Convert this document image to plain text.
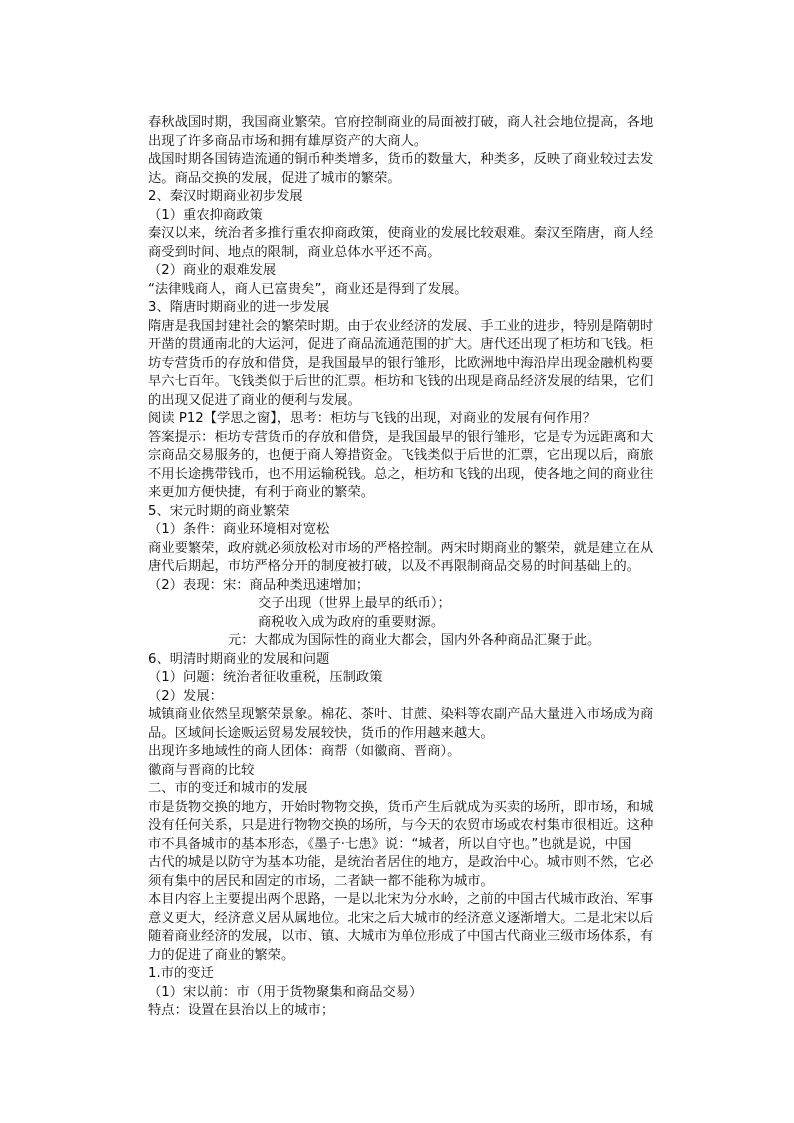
春秋战国时期，我国商业繁荣。官府控制商业的局面被打破，商人社会地位提高，各地
出现了许多商品市场和拥有雄厚资产的大商人。
战国时期各国铸造流通的铜币种类增多，货币的数量大，种类多，反映了商业较过去发
达。商品交换的发展，促进了城市的繁荣。
2、秦汉时期商业初步发展
（1）重农抑商政策
秦汉以来，统治者多推行重农抑商政策，使商业的发展比较艰难。秦汉至隋唐，商人经
商受到时间、地点的限制，商业总体水平还不高。
（2）商业的艰难发展
“法律贱商人，商人已富贵矣”，商业还是得到了发展。
3、隋唐时期商业的进一步发展
隋唐是我国封建社会的繁荣时期。由于农业经济的发展、手工业的进步，特别是隋朝时
开凿的贯通南北的大运河，促进了商品流通范围的扩大。唐代还出现了柜坊和飞钱。柜
坊专营货币的存放和借贷，是我国最早的银行雏形，比欧洲地中海沿岸出现金融机构要
早六七百年。飞钱类似于后世的汇票。柜坊和飞钱的出现是商品经济发展的结果，它们
的出现又促进了商业的便利与发展。
阅读 P12【学思之窗】，思考：柜坊与飞钱的出现，对商业的发展有何作用？
答案提示：柜坊专营货币的存放和借贷，是我国最早的银行雏形，它是专为远距离和大
宗商品交易服务的，也便于商人筹措资金。飞钱类似于后世的汇票，它出现以后，商旅
不用长途携带钱币，也不用运输税钱。总之，柜坊和飞钱的出现，使各地之间的商业往
来更加方便快捷，有利于商业的繁荣。
5、宋元时期的商业繁荣
（1）条件：商业环境相对宽松
商业要繁荣，政府就必须放松对市场的严格控制。两宋时期商业的繁荣，就是建立在从
唐代后期起，市坊严格分开的制度被打破，以及不再限制商品交易的时间基础上的。
（2）表现：宋：商品种类迅速增加；
交子出现（世界上最早的纸币）；
商税收入成为政府的重要财源。
元：大都成为国际性的商业大都会，国内外各种商品汇聚于此。
6、明清时期商业的发展和问题
（1）问题：统治者征收重税，压制政策
（2）发展：
城镇商业依然呈现繁荣景象。棉花、茶叶、甘蔗、染料等农副产品大量进入市场成为商
品。区域间长途贩运贸易发展较快，货币的作用越来越大。
出现许多地域性的商人团体：商帮（如徽商、晋商）。
徽商与晋商的比较
二、市的变迁和城市的发展
市是货物交换的地方，开始时物物交换，货币产生后就成为买卖的场所，即市场，和城
没有任何关系，只是进行物物交换的场所，与今天的农贸市场或农村集市很相近。这种
市不具备城市的基本形态，《墨子·七患》说：“城者，所以自守也。”也就是说，中国
古代的城是以防守为基本功能，是统治者居住的地方，是政治中心。城市则不然，它必
须有集中的居民和固定的市场，二者缺一都不能称为城市。
本目内容上主要提出两个思路，一是以北宋为分水岭，之前的中国古代城市政治、军事
意义更大，经济意义居从属地位。北宋之后大城市的经济意义逐渐增大。二是北宋以后
随着商业经济的发展，以市、镇、大城市为单位形成了中国古代商业三级市场体系，有
力的促进了商业的繁荣。
1.市的变迁
（1）宋以前：市（用于货物聚集和商品交易）
特点：设置在县治以上的城市；
